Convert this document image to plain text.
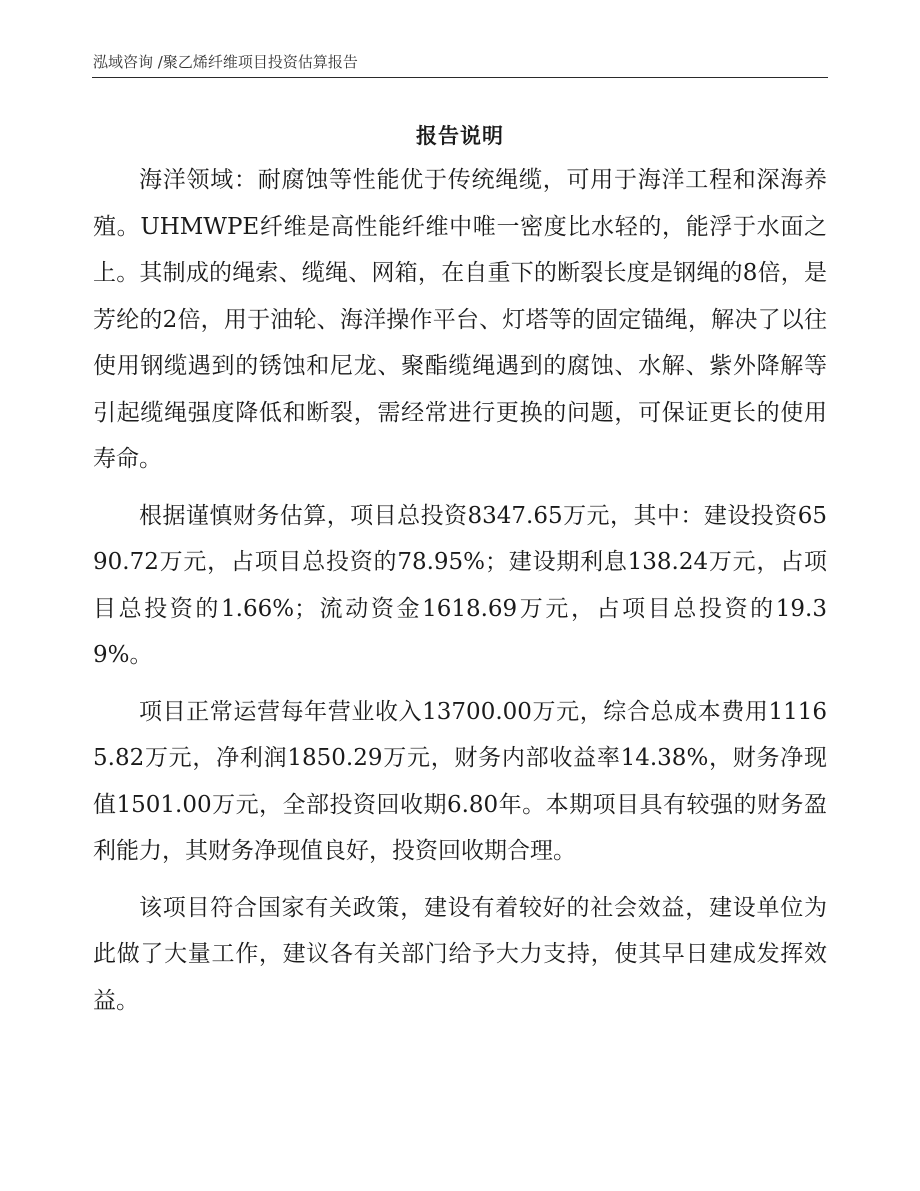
泓域咨询 /聚乙烯纤维项目投资估算报告
报告说明

海洋领域：耐腐蚀等性能优于传统绳缆，可用于海洋工程和深海养殖。UHMWPE纤维是高性能纤维中唯一密度比水轻的，能浮于水面之上。其制成的绳索、缆绳、网箱，在自重下的断裂长度是钢绳的8倍，是芳纶的2倍，用于油轮、海洋操作平台、灯塔等的固定锚绳，解决了以往使用钢缆遇到的锈蚀和尼龙、聚酯缆绳遇到的腐蚀、水解、紫外降解等引起缆绳强度降低和断裂，需经常进行更换的问题，可保证更长的使用寿命。

根据谨慎财务估算，项目总投资8347.65万元，其中：建设投资6590.72万元，占项目总投资的78.95%；建设期利息138.24万元，占项目总投资的1.66%；流动资金1618.69万元，占项目总投资的19.39%。

项目正常运营每年营业收入13700.00万元，综合总成本费用11165.82万元，净利润1850.29万元，财务内部收益率14.38%，财务净现值1501.00万元，全部投资回收期6.80年。本期项目具有较强的财务盈利能力，其财务净现值良好，投资回收期合理。

该项目符合国家有关政策，建设有着较好的社会效益，建设单位为此做了大量工作，建议各有关部门给予大力支持，使其早日建成发挥效益。
